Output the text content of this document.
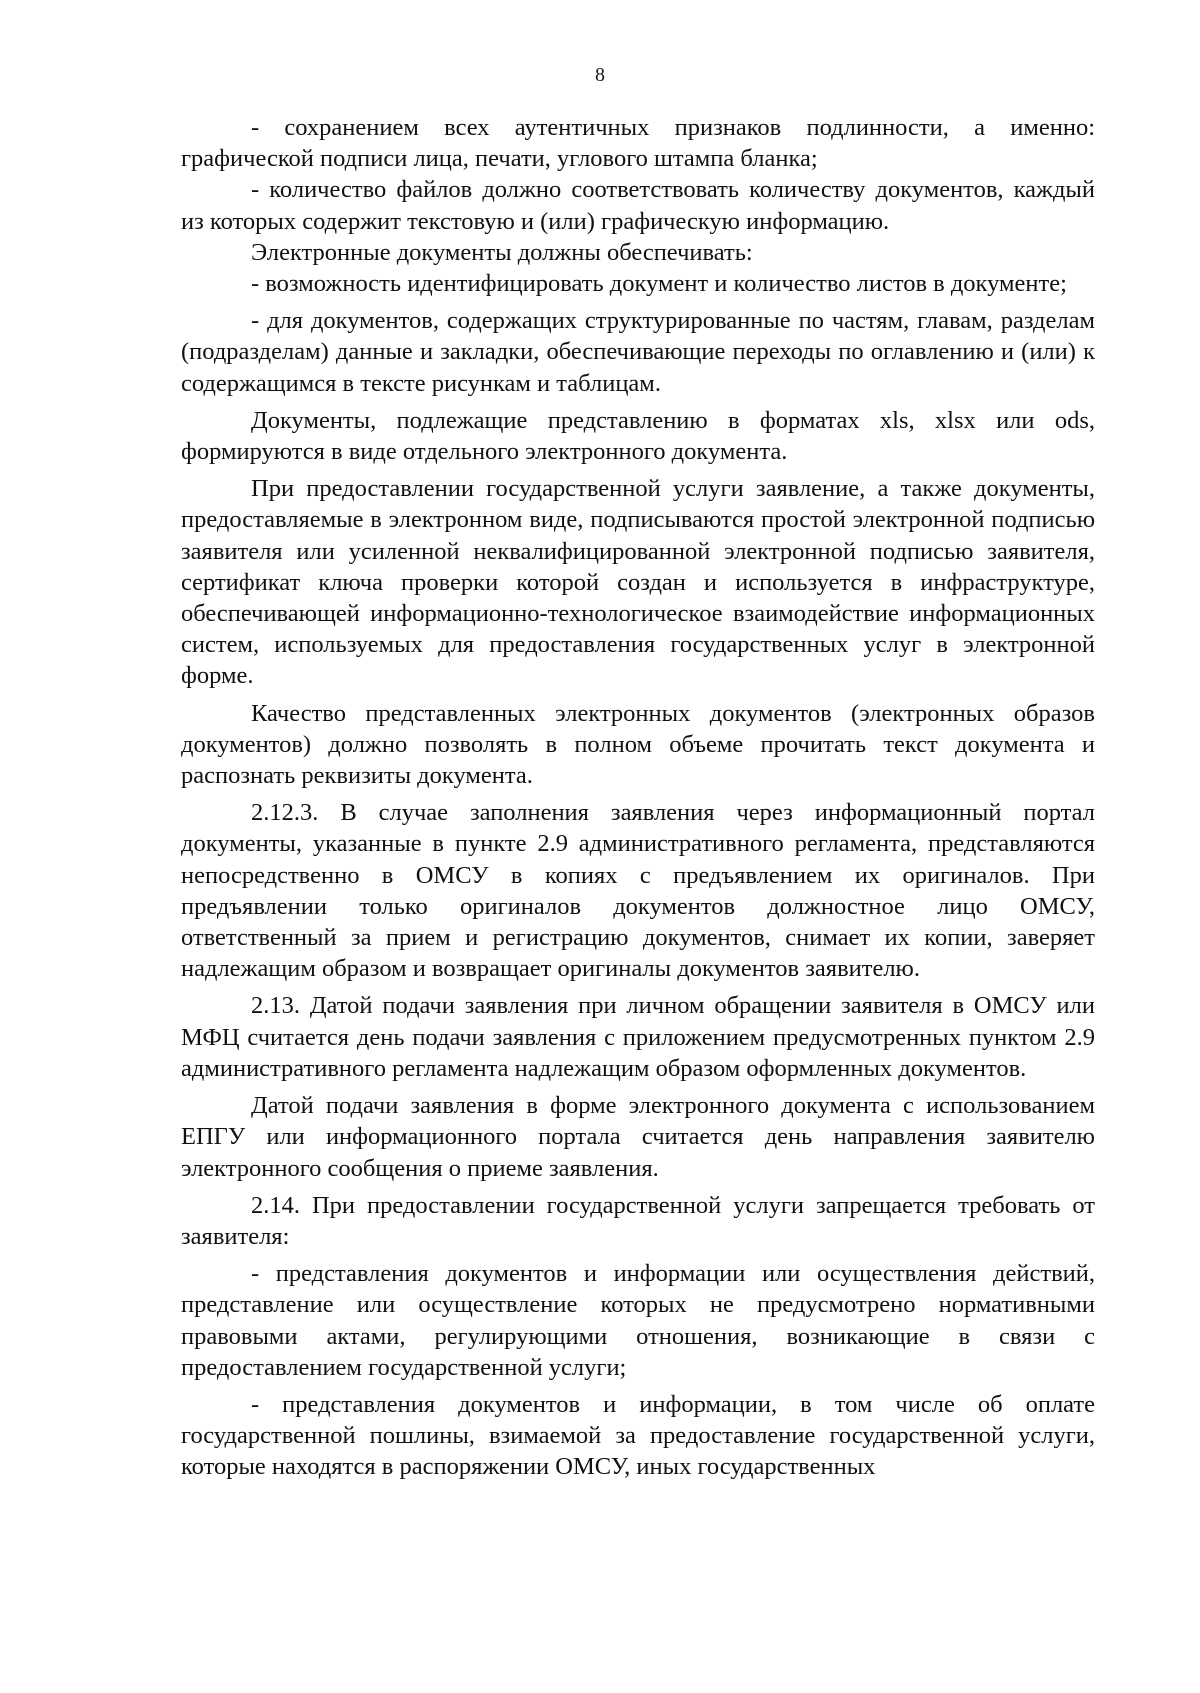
8

- сохранением всех аутентичных признаков подлинности, а именно: графической подписи лица, печати, углового штампа бланка;

- количество файлов должно соответствовать количеству документов, каждый из которых содержит текстовую и (или) графическую информацию.

Электронные документы должны обеспечивать:

- возможность идентифицировать документ и количество листов в документе;

- для документов, содержащих структурированные по частям, главам, разделам (подразделам) данные и закладки, обеспечивающие переходы по оглавлению и (или) к содержащимся в тексте рисункам и таблицам.

Документы, подлежащие представлению в форматах xls, xlsx или ods, формируются в виде отдельного электронного документа.

При предоставлении государственной услуги заявление, а также документы, предоставляемые в электронном виде, подписываются простой электронной подписью заявителя или усиленной неквалифицированной электронной подписью заявителя, сертификат ключа проверки которой создан и используется в инфраструктуре, обеспечивающей информационно-технологическое взаимодействие информационных систем, используемых для предоставления государственных услуг в электронной форме.

Качество представленных электронных документов (электронных образов документов) должно позволять в полном объеме прочитать текст документа и распознать реквизиты документа.

2.12.3. В случае заполнения заявления через информационный портал документы, указанные в пункте 2.9 административного регламента, представляются непосредственно в ОМСУ в копиях с предъявлением их оригиналов. При предъявлении только оригиналов документов должностное лицо ОМСУ, ответственный за прием и регистрацию документов, снимает их копии, заверяет надлежащим образом и возвращает оригиналы документов заявителю.

2.13. Датой подачи заявления при личном обращении заявителя в ОМСУ или МФЦ считается день подачи заявления с приложением предусмотренных пунктом 2.9 административного регламента надлежащим образом оформленных документов.

Датой подачи заявления в форме электронного документа с использованием ЕПГУ или информационного портала считается день направления заявителю электронного сообщения о приеме заявления.

2.14. При предоставлении государственной услуги запрещается требовать от заявителя:

- представления документов и информации или осуществления действий, представление или осуществление которых не предусмотрено нормативными правовыми актами, регулирующими отношения, возникающие в связи с предоставлением государственной услуги;

- представления документов и информации, в том числе об оплате государственной пошлины, взимаемой за предоставление государственной услуги, которые находятся в распоряжении ОМСУ, иных государственных
